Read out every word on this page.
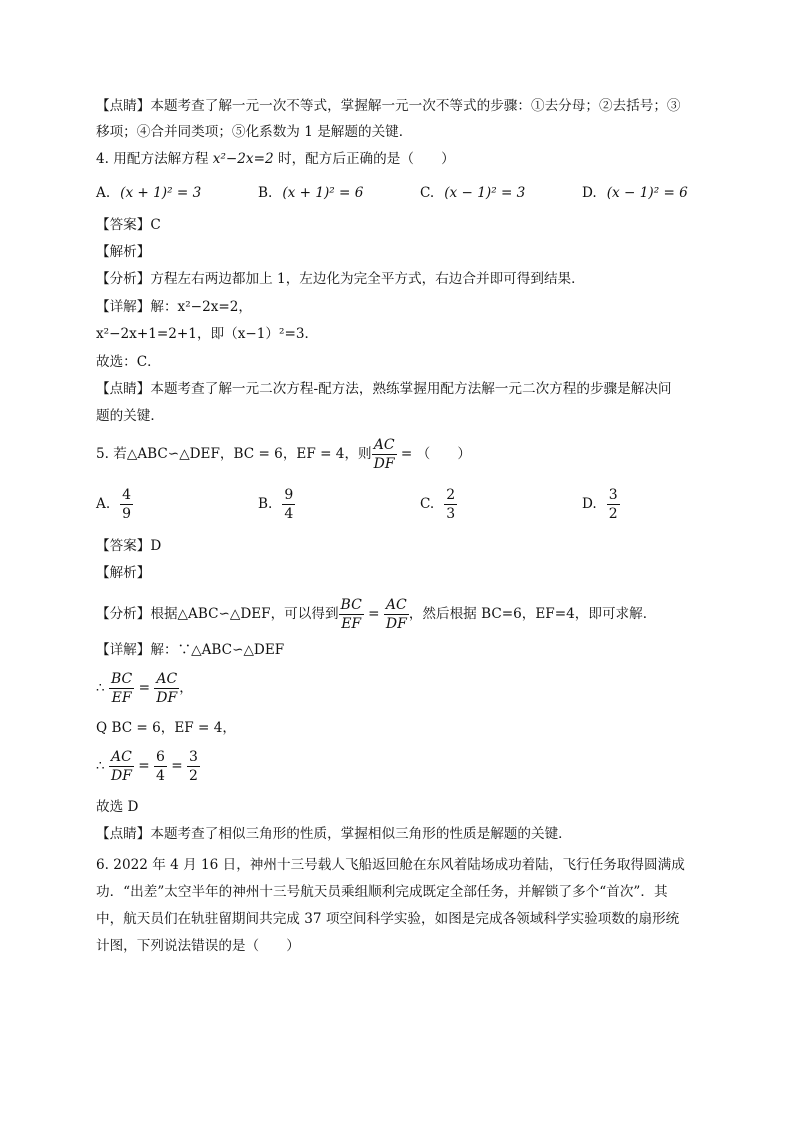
【点睛】本题考查了解一元一次不等式，掌握解一元一次不等式的步骤：①去分母；②去括号；③
移项；④合并同类项；⑤化系数为 1 是解题的关键．
4. 用配方法解方程 x²−2x=2 时，配方后正确的是（　　）
A. (x + 1)² = 3	B. (x + 1)² = 6	C. (x − 1)² = 3	D. (x − 1)² = 6
【答案】C
【解析】
【分析】方程左右两边都加上 1，左边化为完全平方式，右边合并即可得到结果．
【详解】解：x²−2x=2，
x²−2x+1=2+1，即（x−1）²=3．
故选：C．
【点睛】本题考查了解一元二次方程-配方法，熟练掌握用配方法解一元二次方程的步骤是解决问
题的关键．
5. 若△ABC∽△DEF，BC = 6，EF = 4，则 $\frac{AC}{DF}$ = （　　）
A. $\frac{4}{9}$	B. $\frac{9}{4}$	C. $\frac{2}{3}$	D. $\frac{3}{2}$
【答案】D
【解析】
【分析】根据△ABC∽△DEF，可以得到 $\frac{BC}{EF} = \frac{AC}{DF}$ ，然后根据 BC=6，EF=4，即可求解．
【详解】解：∵△ABC∽△DEF
∴ $\frac{BC}{EF} = \frac{AC}{DF}$ ，
Q BC = 6，EF = 4，
∴ $\frac{AC}{DF} = \frac{6}{4} = \frac{3}{2}$
故选 D
【点睛】本题考查了相似三角形的性质，掌握相似三角形的性质是解题的关键．
6. 2022 年 4 月 16 日，神州十三号载人飞船返回舱在东风着陆场成功着陆，飞行任务取得圆满成
功．“出差”太空半年的神州十三号航天员乘组顺利完成既定全部任务，并解锁了多个“首次”．其
中，航天员们在轨驻留期间共完成 37 项空间科学实验，如图是完成各领域科学实验项数的扇形统
计图，下列说法错误的是（　　）
